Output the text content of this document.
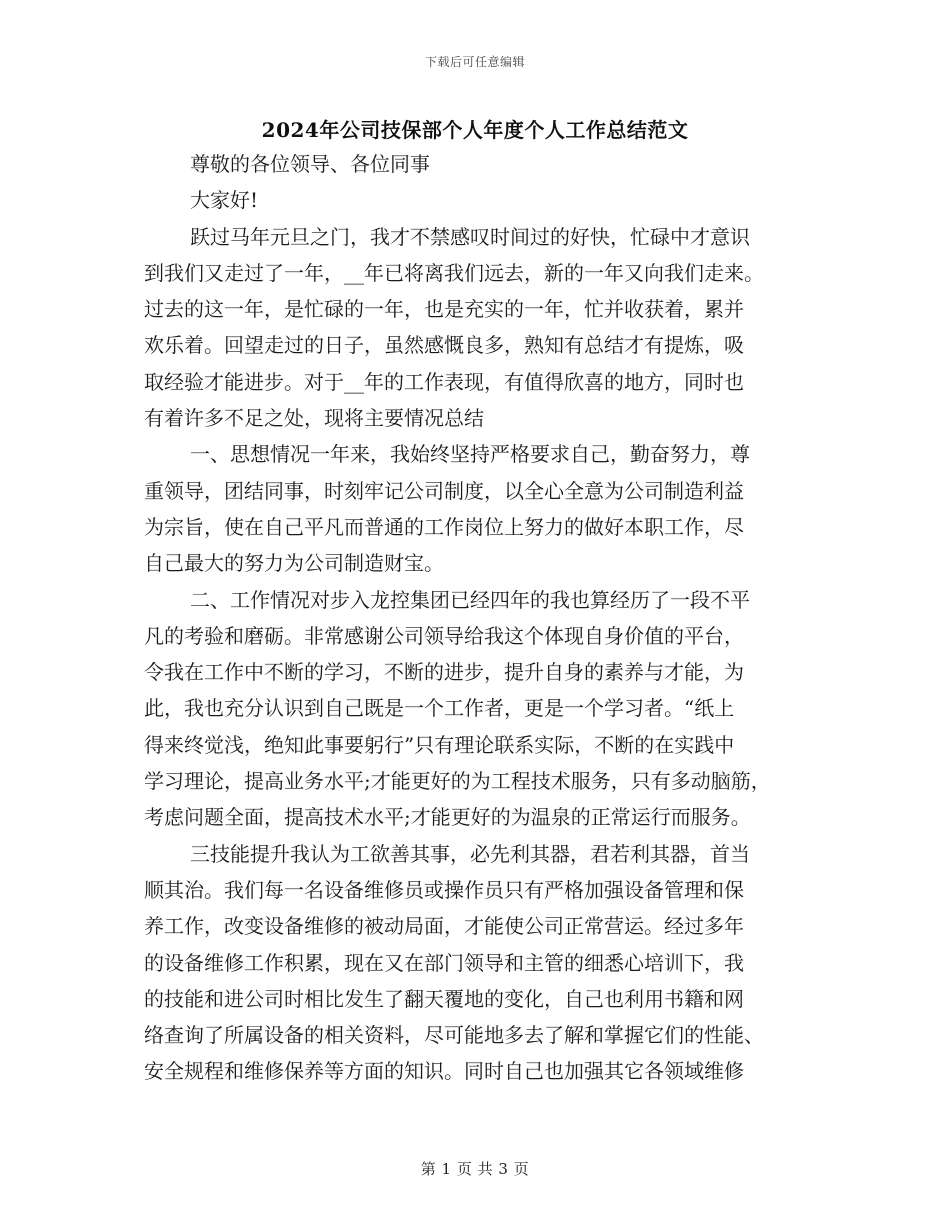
下载后可任意编辑
2024年公司技保部个人年度个人工作总结范文
尊敬的各位领导、各位同事
大家好!
跃过马年元旦之门，我才不禁感叹时间过的好快，忙碌中才意识
到我们又走过了一年，__年已将离我们远去，新的一年又向我们走来。
过去的这一年，是忙碌的一年，也是充实的一年，忙并收获着，累并
欢乐着。回望走过的日子，虽然感慨良多，熟知有总结才有提炼，吸
取经验才能进步。对于__年的工作表现，有值得欣喜的地方，同时也
有着许多不足之处，现将主要情况总结
一、思想情况一年来，我始终坚持严格要求自己，勤奋努力，尊
重领导，团结同事，时刻牢记公司制度，以全心全意为公司制造利益
为宗旨，使在自己平凡而普通的工作岗位上努力的做好本职工作，尽
自己最大的努力为公司制造财宝。
二、工作情况对步入龙控集团已经四年的我也算经历了一段不平
凡的考验和磨砺。非常感谢公司领导给我这个体现自身价值的平台，
令我在工作中不断的学习，不断的进步，提升自身的素养与才能，为
此，我也充分认识到自己既是一个工作者，更是一个学习者。“纸上
得来终觉浅，绝知此事要躬行”只有理论联系实际，不断的在实践中
学习理论，提高业务水平;才能更好的为工程技术服务，只有多动脑筋，
考虑问题全面，提高技术水平;才能更好的为温泉的正常运行而服务。
三技能提升我认为工欲善其事，必先利其器，君若利其器，首当
顺其治。我们每一名设备维修员或操作员只有严格加强设备管理和保
养工作，改变设备维修的被动局面，才能使公司正常营运。经过多年
的设备维修工作积累，现在又在部门领导和主管的细悉心培训下，我
的技能和进公司时相比发生了翻天覆地的变化，自己也利用书籍和网
络查询了所属设备的相关资料，尽可能地多去了解和掌握它们的性能、
安全规程和维修保养等方面的知识。同时自己也加强其它各领域维修
第 1 页 共 3 页
